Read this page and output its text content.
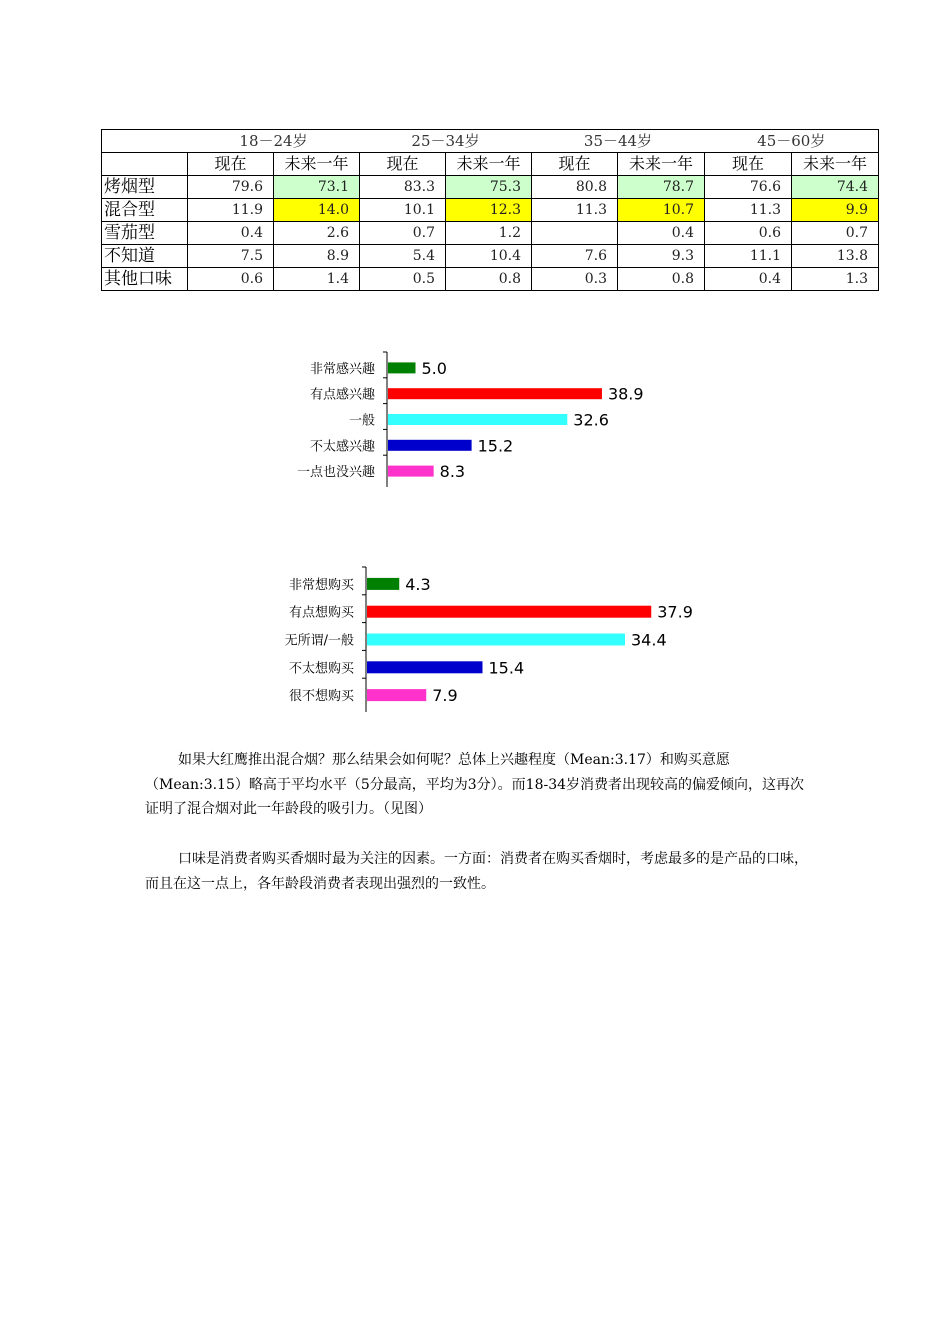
	18－24岁		25－34岁		35－44岁		45－60岁	
	现在	未来一年	现在	未来一年	现在	未来一年	现在	未来一年
烤烟型	79.6	73.1	83.3	75.3	80.8	78.7	76.6	74.4
混合型	11.9	14.0	10.1	12.3	11.3	10.7	11.3	9.9
雪茄型	0.4	2.6	0.7	1.2		0.4	0.6	0.7
不知道	7.5	8.9	5.4	10.4	7.6	9.3	11.1	13.8
其他口味	0.6	1.4	0.5	0.8	0.3	0.8	0.4	1.3
非常感兴趣	5.0
有点感兴趣	38.9
一般	32.6
不太感兴趣	15.2
一点也没兴趣	8.3
非常想购买	4.3
有点想购买	37.9
无所谓/一般	34.4
不太想购买	15.4
很不想购买	7.9

如果大红鹰推出混合烟？那么结果会如何呢？总体上兴趣程度（Mean:3.17）和购买意愿（Mean:3.15）略高于平均水平（5分最高，平均为3分）。而18-34岁消费者出现较高的偏爱倾向，这再次证明了混合烟对此一年龄段的吸引力。（见图）

口味是消费者购买香烟时最为关注的因素。一方面：消费者在购买香烟时，考虑最多的是产品的口味，而且在这一点上，各年龄段消费者表现出强烈的一致性。
